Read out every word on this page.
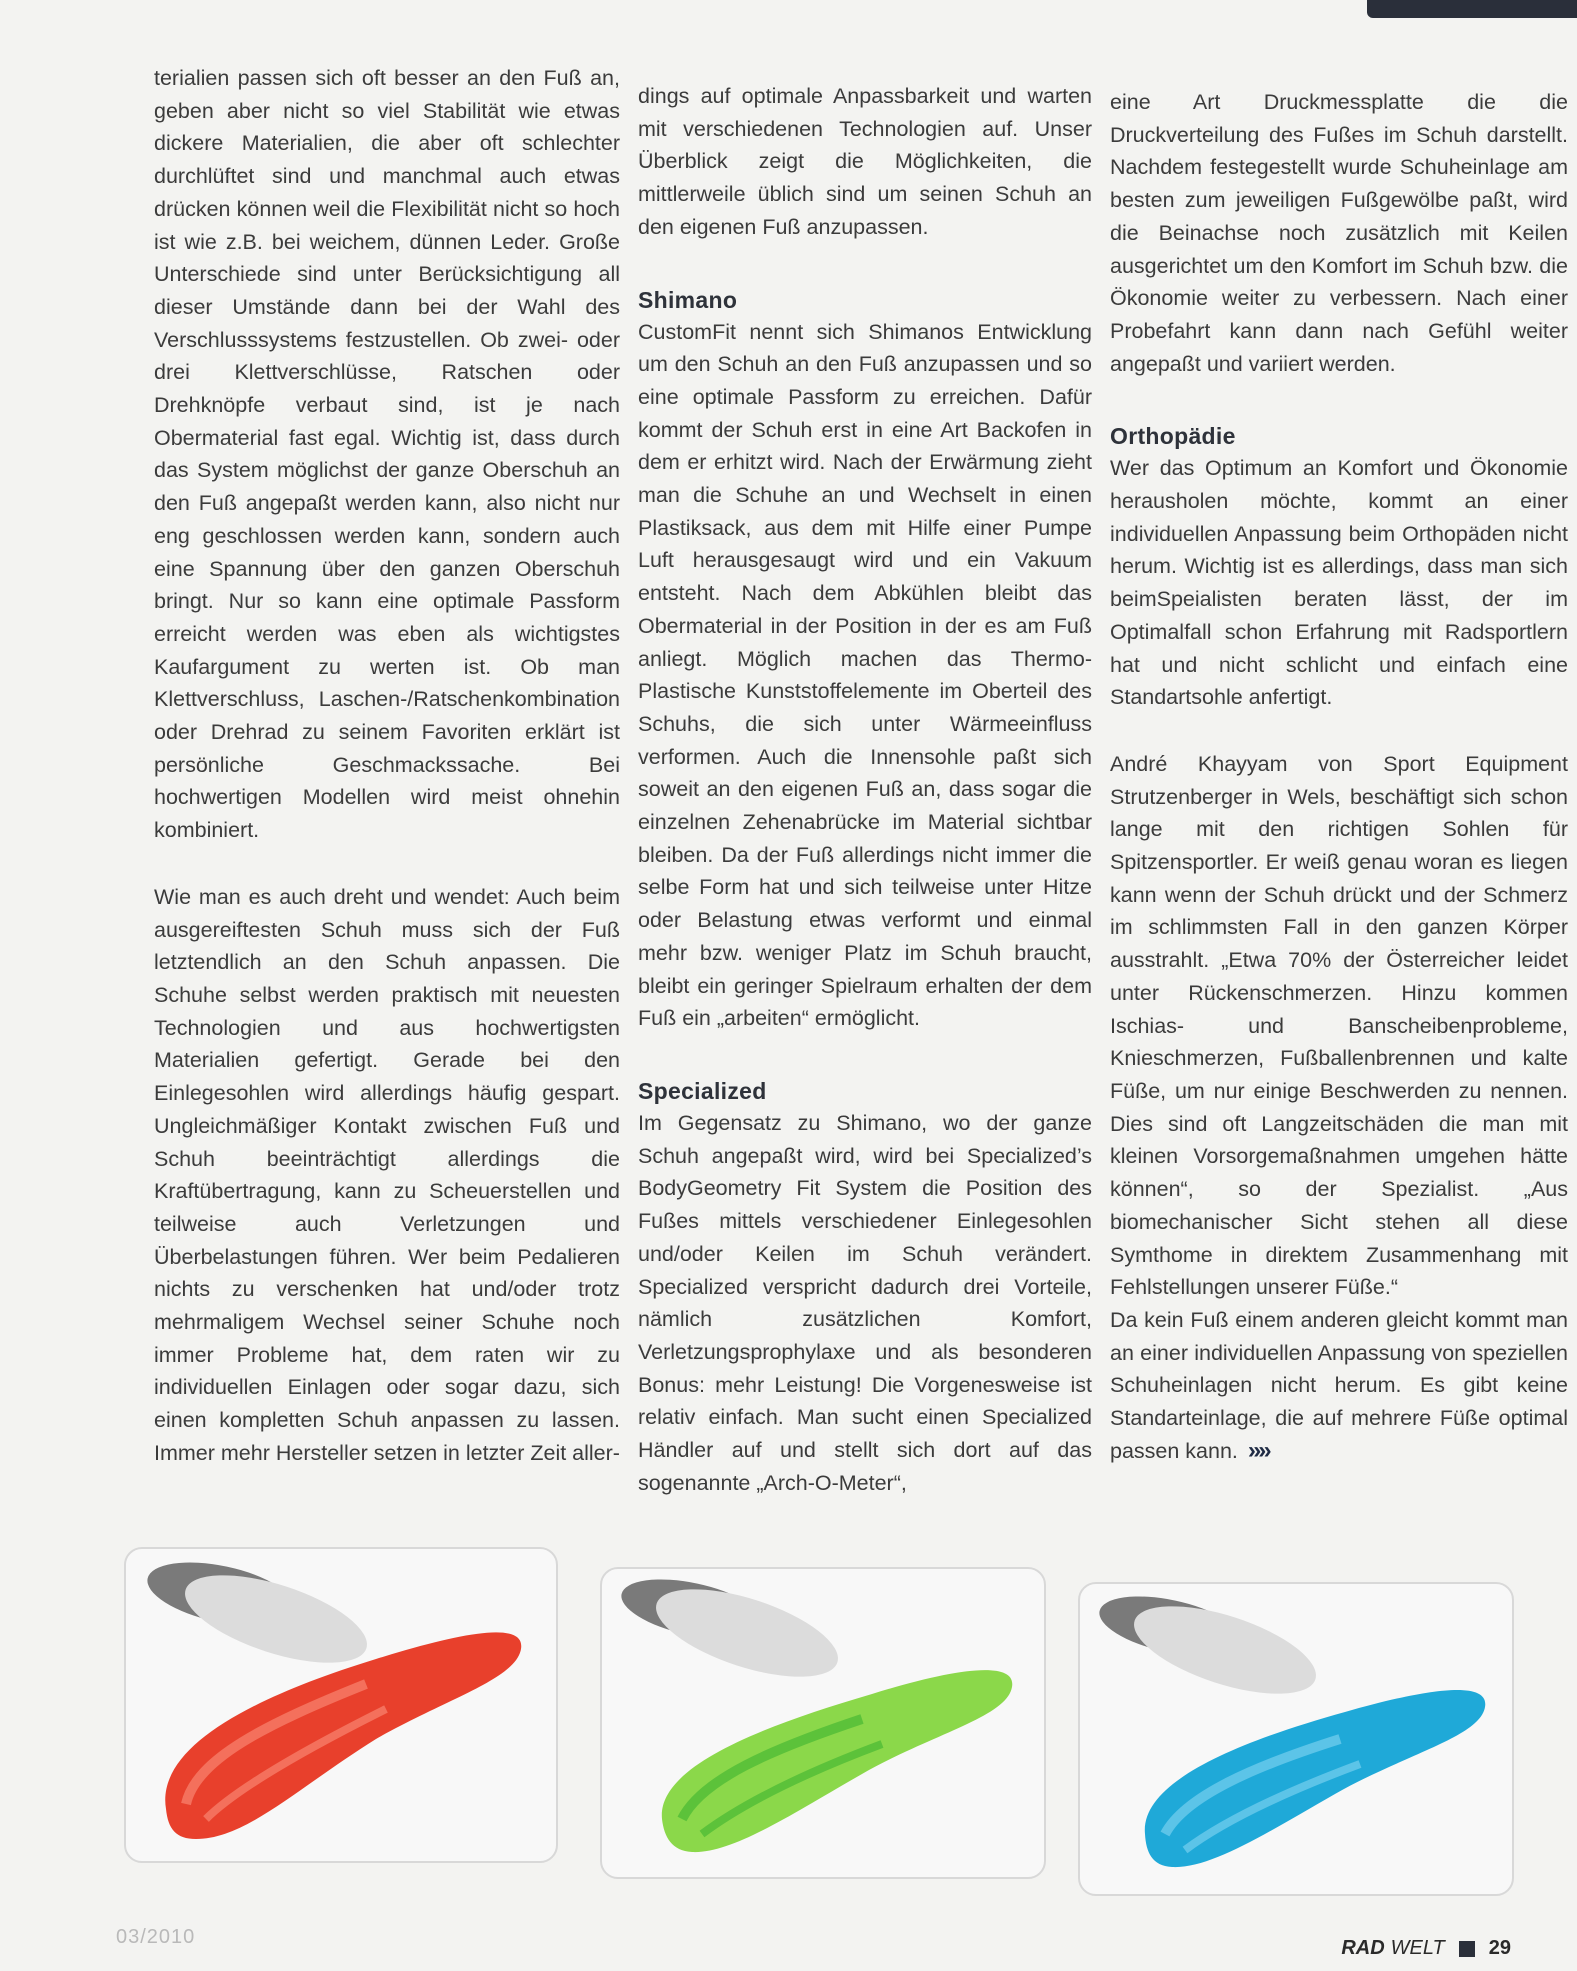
terialien passen sich oft besser an den Fuß an, geben aber nicht so viel Stabilität wie etwas dickere Materialien, die aber oft schlechter durchlüftet sind und manchmal auch etwas drücken können weil die Flexibilität nicht so hoch ist wie z.B. bei weichem, dünnen Leder. Große Unterschiede sind unter Berücksichtigung all dieser Umstände dann bei der Wahl des Verschlusssystems festzustellen. Ob zwei- oder drei Klettverschlüsse, Ratschen oder Drehknöpfe verbaut sind, ist je nach Obermaterial fast egal. Wichtig ist, dass durch das System möglichst der ganze Oberschuh an den Fuß angepaßt werden kann, also nicht nur eng geschlossen werden kann, sondern auch eine Spannung über den ganzen Oberschuh bringt. Nur so kann eine optimale Passform erreicht werden was eben als wichtigstes Kaufargument zu werten ist. Ob man Klettverschluss, Laschen-/Ratschenkombination oder Drehrad zu seinem Favoriten erklärt ist persönliche Geschmackssache. Bei hochwertigen Modellen wird meist ohnehin kombiniert.

Wie man es auch dreht und wendet: Auch beim ausgereiftesten Schuh muss sich der Fuß letztendlich an den Schuh anpassen. Die Schuhe selbst werden praktisch mit neuesten Technologien und aus hochwertigsten Materialien gefertigt. Gerade bei den Einlegesohlen wird allerdings häufig gespart. Ungleichmäßiger Kontakt zwischen Fuß und Schuh beeinträchtigt allerdings die Kraftübertragung, kann zu Scheuerstellen und teilweise auch Verletzungen und Überbelastungen führen. Wer beim Pedalieren nichts zu verschenken hat und/oder trotz mehrmaligem Wechsel seiner Schuhe noch immer Probleme hat, dem raten wir zu individuellen Einlagen oder sogar dazu, sich einen kompletten Schuh anpassen zu lassen. Immer mehr Hersteller setzen in letzter Zeit aller-

dings auf optimale Anpassbarkeit und warten mit verschiedenen Technologien auf. Unser Überblick zeigt die Möglichkeiten, die mittlerweile üblich sind um seinen Schuh an den eigenen Fuß anzupassen.

Shimano

CustomFit nennt sich Shimanos Entwicklung um den Schuh an den Fuß anzupassen und so eine optimale Passform zu erreichen. Dafür kommt der Schuh erst in eine Art Backofen in dem er erhitzt wird. Nach der Erwärmung zieht man die Schuhe an und Wechselt in einen Plastiksack, aus dem mit Hilfe einer Pumpe Luft herausgesaugt wird und ein Vakuum entsteht. Nach dem Abkühlen bleibt das Obermaterial in der Position in der es am Fuß anliegt. Möglich machen das Thermo-Plastische Kunststoffelemente im Oberteil des Schuhs, die sich unter Wärmeeinfluss verformen. Auch die Innensohle paßt sich soweit an den eigenen Fuß an, dass sogar die einzelnen Zehenabrücke im Material sichtbar bleiben. Da der Fuß allerdings nicht immer die selbe Form hat und sich teilweise unter Hitze oder Belastung etwas verformt und einmal mehr bzw. weniger Platz im Schuh braucht, bleibt ein geringer Spielraum erhalten der dem Fuß ein „arbeiten“ ermöglicht.

Specialized

Im Gegensatz zu Shimano, wo der ganze Schuh angepaßt wird, wird bei Specialized’s BodyGeometry Fit System die Position des Fußes mittels verschiedener Einlegesohlen und/oder Keilen im Schuh verändert. Specialized verspricht dadurch drei Vorteile, nämlich zusätzlichen Komfort, Verletzungsprophylaxe und als besonderen Bonus: mehr Leistung! Die Vorgenesweise ist relativ einfach. Man sucht einen Specialized Händler auf und stellt sich dort auf das sogenannte „Arch-O-Meter“,

eine Art Druckmessplatte die die Druckverteilung des Fußes im Schuh darstellt. Nachdem festegestellt wurde Schuheinlage am besten zum jeweiligen Fußgewölbe paßt, wird die Beinachse noch zusätzlich mit Keilen ausgerichtet um den Komfort im Schuh bzw. die Ökonomie weiter zu verbessern. Nach einer Probefahrt kann dann nach Gefühl weiter angepaßt und variiert werden.

Orthopädie

Wer das Optimum an Komfort und Ökonomie herausholen möchte, kommt an einer individuellen Anpassung beim Orthopäden nicht herum. Wichtig ist es allerdings, dass man sich beimSpeialisten beraten lässt, der im Optimalfall schon Erfahrung mit Radsportlern hat und nicht schlicht und einfach eine Standartsohle anfertigt.

André Khayyam von Sport Equipment Strutzenberger in Wels, beschäftigt sich schon lange mit den richtigen Sohlen für Spitzensportler. Er weiß genau woran es liegen kann wenn der Schuh drückt und der Schmerz im schlimmsten Fall in den ganzen Körper ausstrahlt. „Etwa 70% der Österreicher leidet unter Rückenschmerzen. Hinzu kommen Ischias- und Banscheibenprobleme, Knieschmerzen, Fußballenbrennen und kalte Füße, um nur einige Beschwerden zu nennen. Dies sind oft Langzeitschäden die man mit kleinen Vorsorgemaßnahmen umgehen hätte können“, so der Spezialist. „Aus biomechanischer Sicht stehen all diese Symthome in direktem Zusammenhang mit Fehlstellungen unserer Füße.“

Da kein Fuß einem anderen gleicht kommt man an einer individuellen Anpassung von speziellen Schuheinlagen nicht herum. Es gibt keine Standarteinlage, die auf mehrere Füße optimal passen kann. »»

03/2010	RAD WELT 29
